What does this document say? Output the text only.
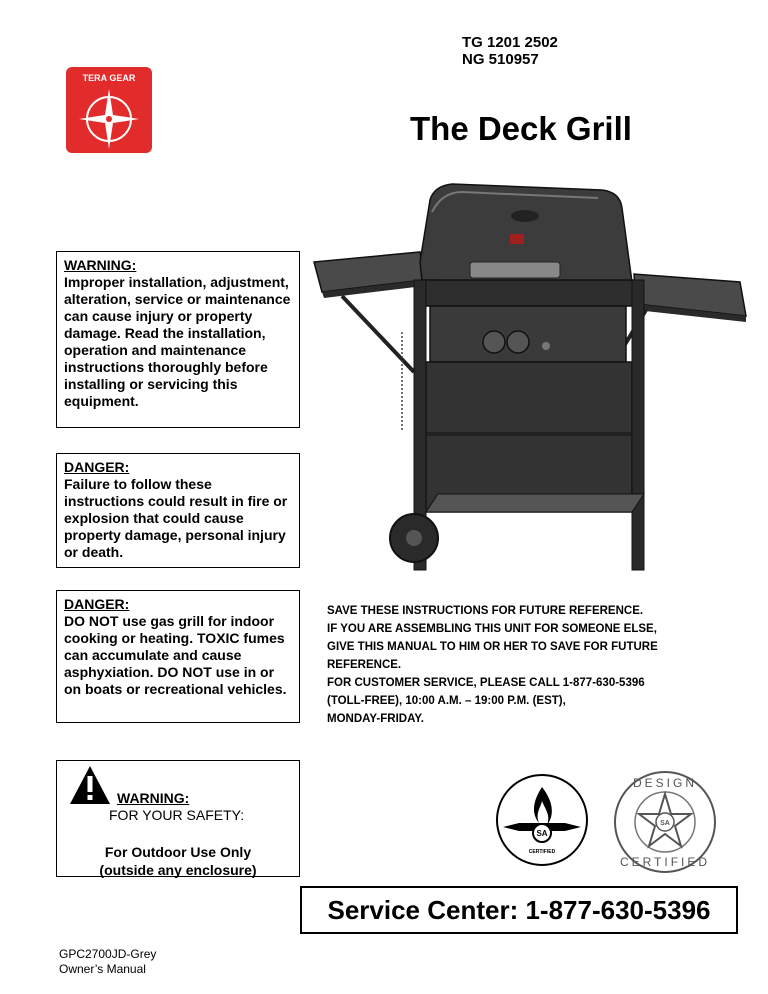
TG 1201 2502
NG 510957
TERA GEAR
The Deck Grill
WARNING:
Improper installation, adjustment, alteration, service or maintenance can cause injury or property damage. Read the installation, operation and maintenance instructions thoroughly before installing or servicing this equipment.
DANGER:
Failure to follow these instructions could result in fire or explosion that could cause property damage, personal injury or death.
DANGER:
DO NOT use gas grill for indoor cooking or heating. TOXIC fumes can accumulate and cause asphyxiation. DO NOT use in or on boats or recreational vehicles.
SAVE THESE INSTRUCTIONS FOR FUTURE REFERENCE.
IF YOU ARE ASSEMBLING THIS UNIT FOR SOMEONE ELSE,
GIVE THIS MANUAL TO HIM OR HER TO SAVE FOR FUTURE
REFERENCE.
FOR CUSTOMER SERVICE, PLEASE CALL 1-877-630-5396
(TOLL-FREE), 10:00 A.M. – 19:00 P.M. (EST),
MONDAY-FRIDAY.
WARNING:
FOR YOUR SAFETY:
For Outdoor Use Only
(outside any enclosure)
SA
CERTIFIED
SA
DESIGN
CERTIFIED
Service Center: 1-877-630-5396
GPC2700JD-Grey
Owner’s Manual
